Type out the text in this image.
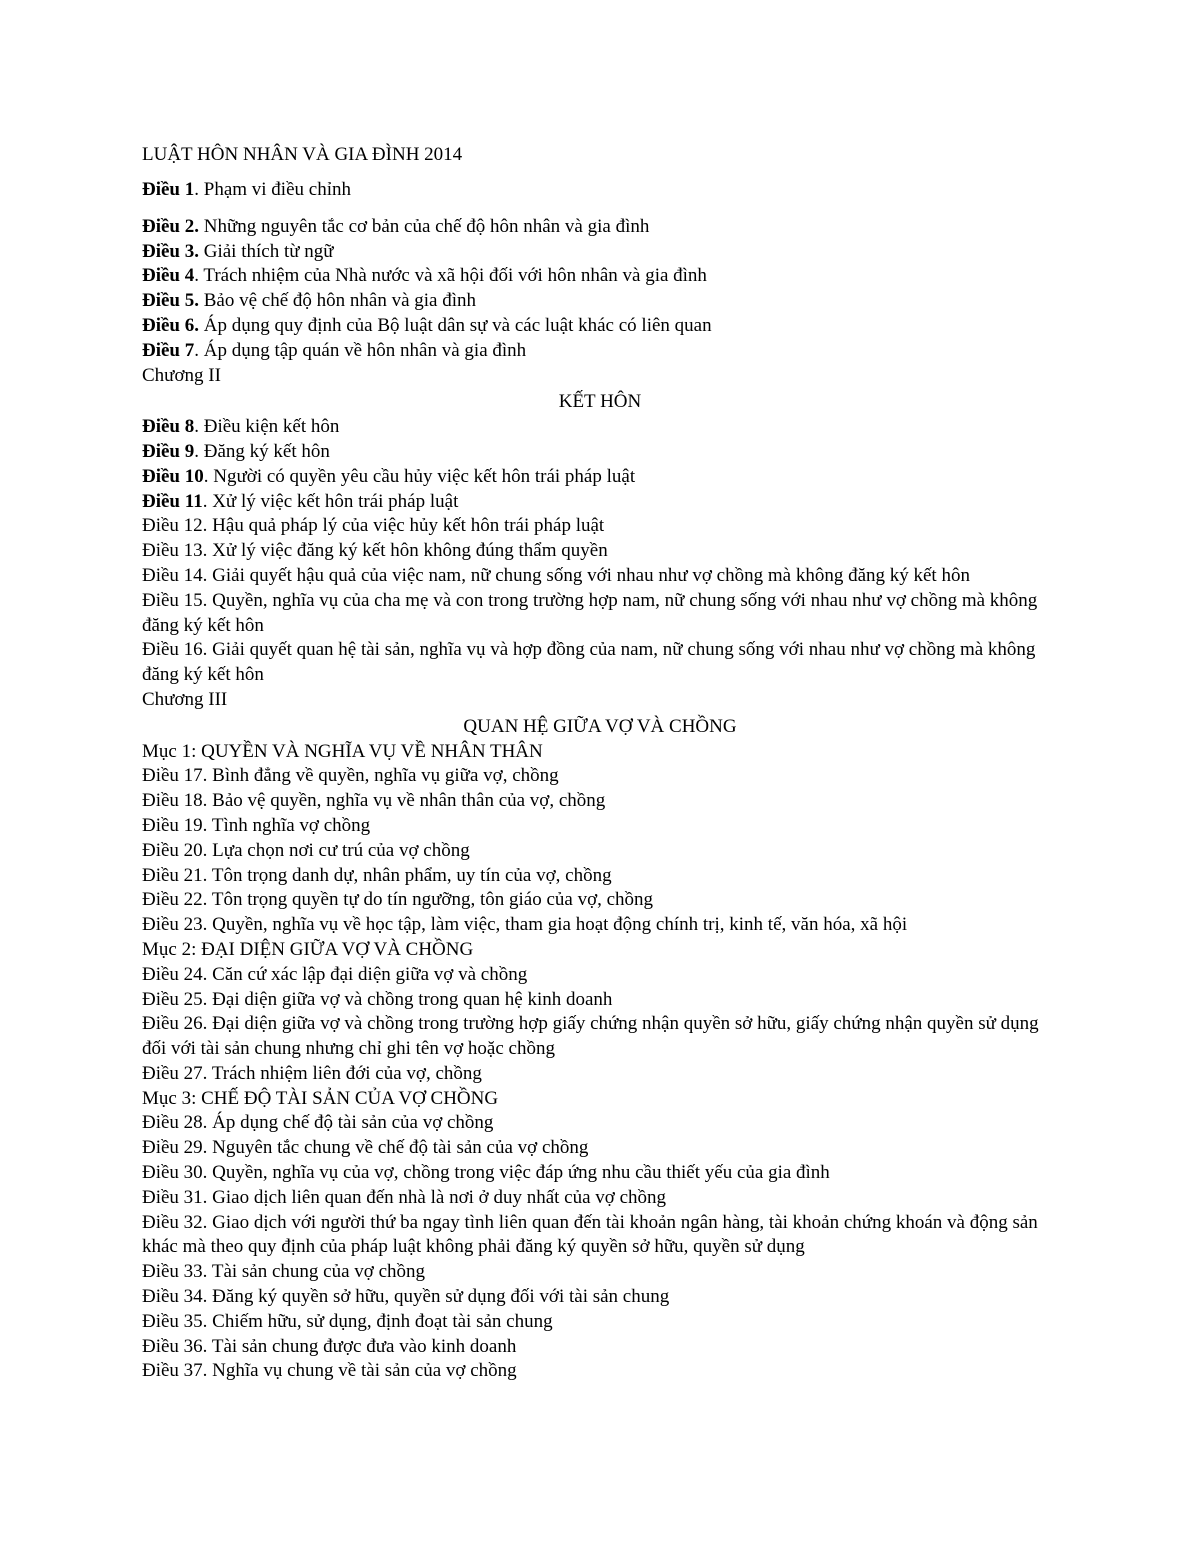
LUẬT HÔN NHÂN VÀ GIA ĐÌNH 2014

Điều 1. Phạm vi điều chỉnh

Điều 2. Những nguyên tắc cơ bản của chế độ hôn nhân và gia đình

Điều 3. Giải thích từ ngữ

Điều 4. Trách nhiệm của Nhà nước và xã hội đối với hôn nhân và gia đình

Điều 5. Bảo vệ chế độ hôn nhân và gia đình

Điều 6. Áp dụng quy định của Bộ luật dân sự và các luật khác có liên quan

Điều 7. Áp dụng tập quán về hôn nhân và gia đình

Chương II

KẾT HÔN

Điều 8. Điều kiện kết hôn

Điều 9. Đăng ký kết hôn

Điều 10. Người có quyền yêu cầu hủy việc kết hôn trái pháp luật

Điều 11. Xử lý việc kết hôn trái pháp luật

Điều 12. Hậu quả pháp lý của việc hủy kết hôn trái pháp luật

Điều 13. Xử lý việc đăng ký kết hôn không đúng thẩm quyền

Điều 14. Giải quyết hậu quả của việc nam, nữ chung sống với nhau như vợ chồng mà không đăng ký kết hôn

Điều 15. Quyền, nghĩa vụ của cha mẹ và con trong trường hợp nam, nữ chung sống với nhau như vợ chồng mà không đăng ký kết hôn

Điều 16. Giải quyết quan hệ tài sản, nghĩa vụ và hợp đồng của nam, nữ chung sống với nhau như vợ chồng mà không đăng ký kết hôn

Chương III

QUAN HỆ GIỮA VỢ VÀ CHỒNG

Mục 1: QUYỀN VÀ NGHĨA VỤ VỀ NHÂN THÂN

Điều 17. Bình đẳng về quyền, nghĩa vụ giữa vợ, chồng

Điều 18. Bảo vệ quyền, nghĩa vụ về nhân thân của vợ, chồng

Điều 19. Tình nghĩa vợ chồng

Điều 20. Lựa chọn nơi cư trú của vợ chồng

Điều 21. Tôn trọng danh dự, nhân phẩm, uy tín của vợ, chồng

Điều 22. Tôn trọng quyền tự do tín ngưỡng, tôn giáo của vợ, chồng

Điều 23. Quyền, nghĩa vụ về học tập, làm việc, tham gia hoạt động chính trị, kinh tế, văn hóa, xã hội

Mục 2: ĐẠI DIỆN GIỮA VỢ VÀ CHỒNG

Điều 24. Căn cứ xác lập đại diện giữa vợ và chồng

Điều 25. Đại diện giữa vợ và chồng trong quan hệ kinh doanh

Điều 26. Đại diện giữa vợ và chồng trong trường hợp giấy chứng nhận quyền sở hữu, giấy chứng nhận quyền sử dụng đối với tài sản chung nhưng chỉ ghi tên vợ hoặc chồng

Điều 27. Trách nhiệm liên đới của vợ, chồng

Mục 3: CHẾ ĐỘ TÀI SẢN CỦA VỢ CHỒNG

Điều 28. Áp dụng chế độ tài sản của vợ chồng

Điều 29. Nguyên tắc chung về chế độ tài sản của vợ chồng

Điều 30. Quyền, nghĩa vụ của vợ, chồng trong việc đáp ứng nhu cầu thiết yếu của gia đình

Điều 31. Giao dịch liên quan đến nhà là nơi ở duy nhất của vợ chồng

Điều 32. Giao dịch với người thứ ba ngay tình liên quan đến tài khoản ngân hàng, tài khoản chứng khoán và động sản khác mà theo quy định của pháp luật không phải đăng ký quyền sở hữu, quyền sử dụng

Điều 33. Tài sản chung của vợ chồng

Điều 34. Đăng ký quyền sở hữu, quyền sử dụng đối với tài sản chung

Điều 35. Chiếm hữu, sử dụng, định đoạt tài sản chung

Điều 36. Tài sản chung được đưa vào kinh doanh

Điều 37. Nghĩa vụ chung về tài sản của vợ chồng
